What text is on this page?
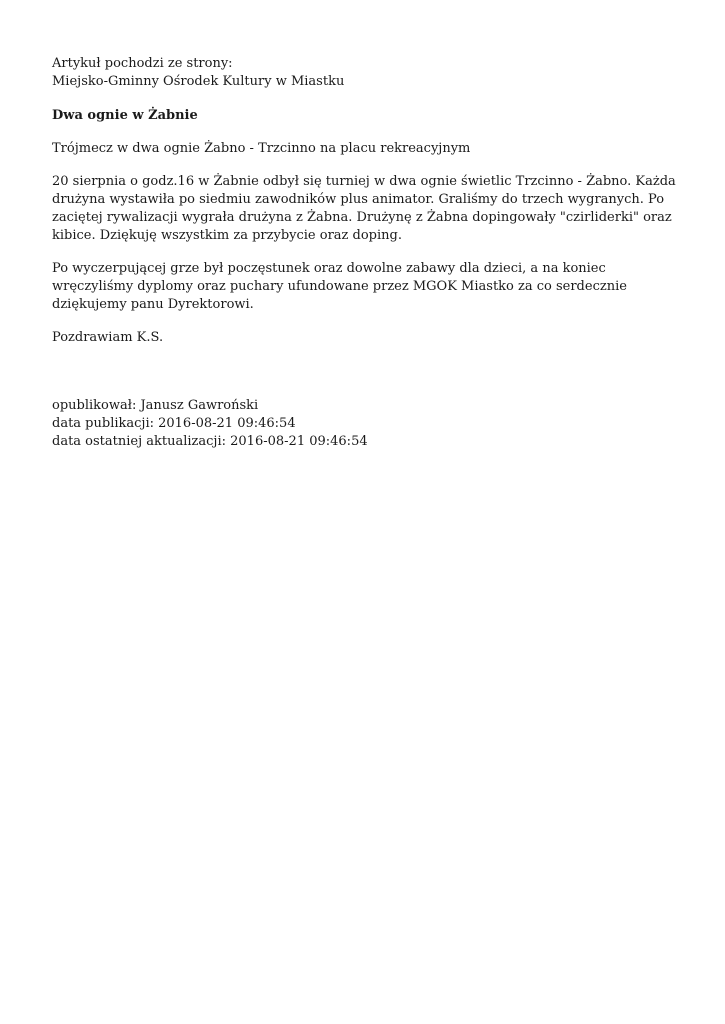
Artykuł pochodzi ze strony:
Miejsko-Gminny Ośrodek Kultury w Miastku
Dwa ognie w Żabnie

Trójmecz w dwa ognie Żabno - Trzcinno na placu rekreacyjnym

20 sierpnia o godz.16 w Żabnie odbył się turniej w dwa ognie świetlic Trzcinno - Żabno. Każda drużyna wystawiła po siedmiu zawodników plus animator. Graliśmy do trzech wygranych. Po zaciętej rywalizacji wygrała drużyna z Żabna. Drużynę z Żabna dopingowały "czirliderki" oraz kibice. Dziękuję wszystkim za przybycie oraz doping.

Po wyczerpującej grze był poczęstunek oraz dowolne zabawy dla dzieci, a na koniec wręczyliśmy dyplomy oraz puchary ufundowane przez MGOK Miastko za co serdecznie dziękujemy panu Dyrektorowi.

Pozdrawiam K.S.

opublikował: Janusz Gawroński
data publikacji: 2016-08-21 09:46:54
data ostatniej aktualizacji: 2016-08-21 09:46:54
